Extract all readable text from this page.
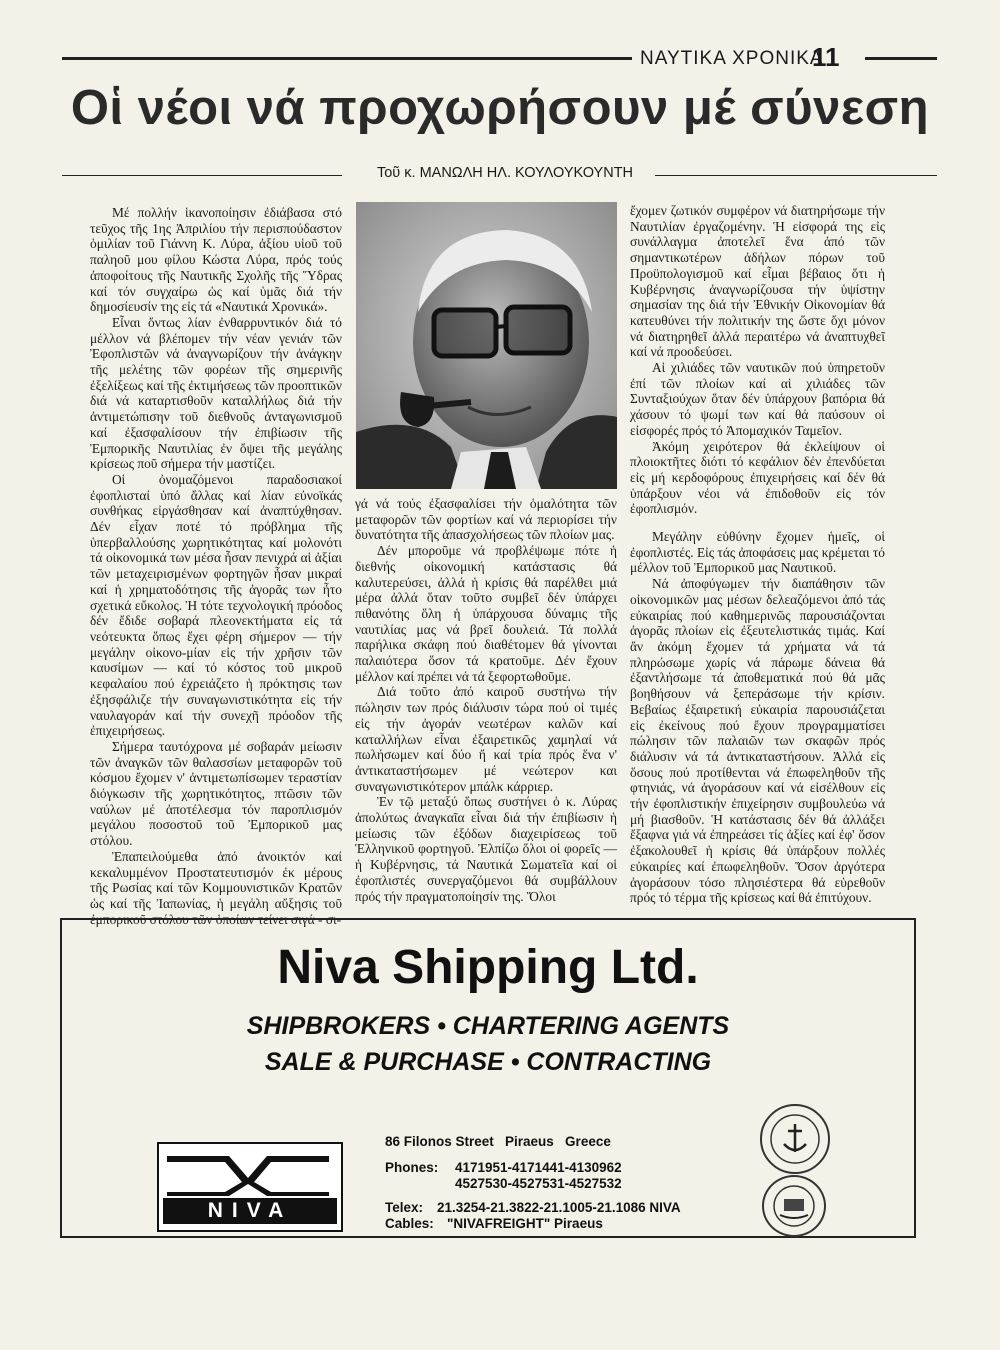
ΝΑΥΤΙΚΑ ΧΡΟΝΙΚΑ
11
Οἱ νέοι νά προχωρήσουν μέ σύνεση
Τοῦ κ. ΜΑΝΩΛΗ ΗΛ. ΚΟΥΛΟΥΚΟΥΝΤΗ

Μέ πολλήν ἱκανοποίησιν ἐδιάβασα στό τεῦχος τῆς 1ης Ἀπριλίου τήν περισπούδαστον ὁμιλίαν τοῦ Γιάννη Κ. Λύρα, ἀξίου υἱοῦ τοῦ παληοῦ μου φίλου Κώστα Λύρα, πρός τούς ἀποφοίτους τῆς Ναυτικῆς Σχολῆς τῆς Ὕδρας καί τόν συγχαίρω ὡς καί ὑμᾶς διά τήν δημοσίευσίν της εἰς τά «Ναυτικά Χρονικά».

Εἶναι ὄντως λίαν ἐνθαρρυντικόν διά τό μέλλον νά βλέπομεν τήν νέαν γενιάν τῶν Ἐφοπλιστῶν νά ἀναγνωρίζουν τήν ἀνάγκην τῆς μελέτης τῶν φορέων τῆς σημερινῆς ἐξελίξεως καί τῆς ἐκτιμήσεως τῶν προοπτικῶν διά νά καταρτισθοῦν καταλλήλως διά τήν ἀντιμετώπισην τοῦ διεθνοῦς ἀνταγωνισμοῦ καί ἐξασφαλίσουν τήν ἐπιβίωσιν τῆς Ἐμπορικῆς Ναυτιλίας ἐν ὄψει τῆς μεγάλης κρίσεως ποῦ σήμερα τήν μαστίζει.

Οἱ ὀνομαζόμενοι παραδοσιακοί ἐφοπλισταί ὑπό ἄλλας καί λίαν εὐνοϊκάς συνθήκας εἰργάσθησαν καί ἀναπτύχθησαν. Δέν εἶχαν ποτέ τό πρόβλημα τῆς ὑπερβαλλούσης χωρητικότητας καί μολονότι τά οἰκονομικά των μέσα ἦσαν πενιχρά αἱ ἀξίαι τῶν μεταχειρισμένων φορτηγῶν ἦσαν μικραί καί ἡ χρηματοδότησις τῆς ἀγορᾶς των ἦτο σχετικά εὔκολος. Ἡ τότε τεχνολογική πρόοδος δέν ἔδιδε σοβαρά πλεονεκτήματα εἰς τά νεότευκτα ὅπως ἔχει φέρη σήμερον — τήν μεγάλην οἰκονο-μίαν εἰς τήν χρῆσιν τῶν καυσίμων — καί τό κόστος τοῦ μικροῦ κεφαλαίου πού ἐχρειάζετο ἡ πρόκτησις των ἐξησφάλιζε τήν συναγωνιστικότητα εἰς τήν ναυλαγοράν καί τήν συνεχῆ πρόοδον τῆς ἐπιχειρήσεως.

Σήμερα ταυτόχρονα μέ σοβαράν μείωσιν τῶν ἀναγκῶν τῶν θαλασσίων μεταφορῶν τοῦ κόσμου ἔχομεν ν' ἀντιμετωπίσωμεν τεραστίαν διόγκωσιν τῆς χωρητικότητος, πτῶσιν τῶν ναύλων μέ ἀποτέλεσμα τόν παροπλισμόν μεγάλου ποσοστοῦ τοῦ Ἐμπορικοῦ μας στόλου.

Ἐπαπειλούμεθα ἀπό ἀνοικτόν καί κεκαλυμμένον Προστατευτισμόν ἐκ μέρους τῆς Ρωσίας καί τῶν Κομμουνιστικῶν Κρατῶν ὡς καί τῆς Ἰαπωνίας, ἡ μεγάλη αὔξησις τοῦ ἐμπορικοῦ στόλου τῶν ὁποίων τείνει σιγά - σι-

γά νά τούς ἐξασφαλίσει τήν ὁμαλότητα τῶν μεταφορῶν τῶν φορτίων καί νά περιορίσει τήν δυνατότητα τῆς ἀπασχολήσεως τῶν πλοίων μας.

Δέν μποροῦμε νά προβλέψωμε πότε ἡ διεθνής οἰκονομική κατάστασις θά καλυτερεύσει, ἀλλά ἡ κρίσις θά παρέλθει μιά μέρα ἀλλά ὅταν τοῦτο συμβεῖ δέν ὑπάρχει πιθανότης ὅλη ἡ ὑπάρχουσα δύναμις τῆς ναυτιλίας μας νά βρεῖ δουλειά. Τά πολλά παρήλικα σκάφη πού διαθέτομεν θά γίνονται παλαιότερα ὅσον τά κρατοῦμε. Δέν ἔχουν μέλλον καί πρέπει νά τά ξεφορτωθοῦμε.

Διά τοῦτο ἀπό καιροῦ συστήνω τήν πώλησιν των πρός διάλυσιν τώρα πού οἱ τιμές εἰς τήν ἀγοράν νεωτέρων καλῶν καί καταλλήλων εἶναι ἐξαιρετικῶς χαμηλαί νά πωλήσωμεν καί δύο ἤ καί τρία πρός ἕνα ν' ἀντικαταστήσωμεν μέ νεώτερον και συναγωνιστικότερον μπάλκ κάρριερ.

Ἐν τῷ μεταξύ ὅπως συστήνει ὁ κ. Λύρας ἀπολύτως ἀναγκαῖα εἶναι διά τήν ἐπιβίωσιν ἡ μείωσις τῶν ἐξόδων διαχειρίσεως τοῦ Ἑλληνικοῦ φορτηγοῦ. Ἐλπίζω ὅλοι οἱ φορεῖς — ἡ Κυβέρνησις, τά Ναυτικά Σωματεῖα καί οἱ ἐφοπλιστές συνεργαζόμενοι θά συμβάλλουν πρός τήν πραγματοποίησίν της. Ὅλοι

ἔχομεν ζωτικόν συμφέρον νά διατηρήσωμε τήν Ναυτιλίαν ἐργαζομένην. Ἡ εἰσφορά της εἰς συνάλλαγμα ἀποτελεῖ ἕνα ἀπό τῶν σημαντικωτέρων ἀδήλων πόρων τοῦ Προϋπολογισμοῦ καί εἶμαι βέβαιος ὅτι ἡ Κυβέρνησις ἀναγνωρίζουσα τήν ὑψίστην σημασίαν της διά τήν Ἐθνικήν Οἰκονομίαν θά κατευθύνει τήν πολιτικήν της ὥστε ὄχι μόνον νά διατηρηθεῖ ἀλλά περαιτέρω νά ἀναπτυχθεῖ καί νά προοδεύσει.

Αἱ χιλιάδες τῶν ναυτικῶν πού ὑπηρετοῦν ἐπί τῶν πλοίων καί αἱ χιλιάδες τῶν Συνταξιούχων ὅταν δέν ὑπάρχουν βαπόρια θά χάσουν τό ψωμί των καί θά παύσουν οἱ εἰσφορές πρός τό Ἀπομαχικόν Ταμεῖον.

Ἀκόμη χειρότερον θά ἐκλείψουν οἱ πλοιοκτῆτες διότι τό κεφάλιον δέν ἐπενδύεται εἰς μή κερδοφόρους ἐπιχειρήσεις καί δέν θά ὑπάρξουν νέοι νά ἐπιδοθοῦν εἰς τόν ἐφοπλισμόν.

Μεγάλην εὐθύνην ἔχομεν ἡμεῖς, οἱ ἐφοπλιστές. Εἰς τάς ἀποφάσεις μας κρέμεται τό μέλλον τοῦ Ἐμπορικοῦ μας Ναυτικοῦ.

Νά ἀποφύγωμεν τήν διαπάθησιν τῶν οἰκονομικῶν μας μέσων δελεαζόμενοι ἀπό τάς εὐκαιρίας πού καθημερινῶς παρουσιάζονται ἀγορᾶς πλοίων εἰς ἐξευτελιστικάς τιμάς. Καί ἄν ἀκόμη ἔχομεν τά χρήματα νά τά πληρώσωμε χωρίς νά πάρωμε δάνεια θά ἐξαντλήσωμε τά ἀποθεματικά πού θά μᾶς βοηθήσουν νά ξεπεράσωμε τήν κρίσιν. Βεβαίως ἐξαιρετική εὐκαιρία παρουσιάζεται εἰς ἐκείνους πού ἔχουν προγραμματίσει πώλησιν τῶν παλαιῶν των σκαφῶν πρός διάλυσιν νά τά ἀντικαταστήσουν. Ἀλλά εἰς ὅσους πού προτίθενται νά ἐπωφεληθοῦν τῆς φτηνιάς, νά ἀγοράσουν καί νά εἰσέλθουν εἰς τήν ἐφοπλιστικήν ἐπιχείρησιν συμβουλεύω νά μή βιασθοῦν. Ἡ κατάστασις δέν θά ἀλλάξει ἔξαφνα γιά νά ἐπηρεάσει τίς ἀξίες καί ἐφ' ὅσον ἐξακολουθεῖ ἡ κρίσις θά ὑπάρξουν πολλές εὐκαιρίες καί ἐπωφεληθοῦν. Ὅσον ἀργότερα ἀγοράσουν τόσο πλησιέστερα θά εὑρεθοῦν πρός τό τέρμα τῆς κρίσεως καί θά ἐπιτύχουν.

Niva Shipping Ltd.
SHIPBROKERS • CHARTERING AGENTS
SALE & PURCHASE • CONTRACTING
NIVA
86 Filonos Street   Piraeus   Greece
Phones: 4171951-4171441-4130962
4527530-4527531-4527532
Telex: 21.3254-21.3822-21.1005-21.1086 NIVA
Cables: "NIVAFREIGHT" Piraeus
